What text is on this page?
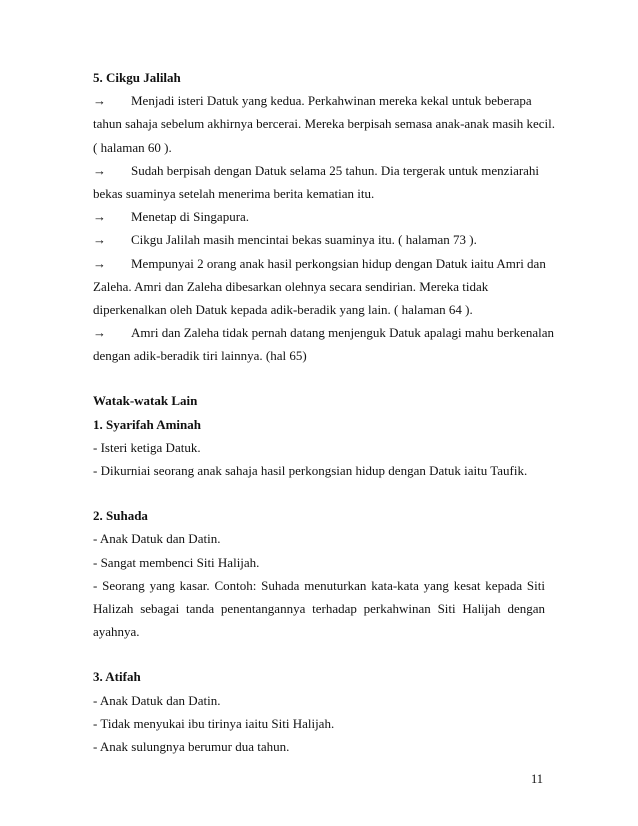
5. Cikgu Jalilah
→	Menjadi isteri Datuk yang kedua. Perkahwinan mereka kekal untuk beberapa
tahun sahaja sebelum akhirnya bercerai. Mereka berpisah semasa anak-anak masih kecil.
( halaman 60 ).
→	Sudah berpisah dengan Datuk selama 25 tahun. Dia tergerak untuk menziarahi
bekas suaminya setelah menerima berita kematian itu.
→	Menetap di Singapura.
→	Cikgu Jalilah masih mencintai bekas suaminya itu. ( halaman 73 ).
→	Mempunyai 2 orang anak hasil perkongsian hidup dengan Datuk iaitu Amri dan
Zaleha. Amri dan Zaleha dibesarkan olehnya secara sendirian. Mereka tidak
diperkenalkan oleh Datuk kepada adik-beradik yang lain. ( halaman 64 ).
→	Amri dan Zaleha tidak pernah datang menjenguk Datuk apalagi mahu berkenalan
dengan adik-beradik tiri lainnya. (hal 65)
Watak-watak Lain
1. Syarifah Aminah
- Isteri ketiga Datuk.
- Dikurniai seorang anak sahaja hasil perkongsian hidup dengan Datuk iaitu Taufik.
2. Suhada
- Anak Datuk dan Datin.
- Sangat membenci Siti Halijah.
- Seorang yang kasar. Contoh: Suhada menuturkan kata-kata yang kesat kepada Siti
Halizah sebagai tanda penentangannya terhadap perkahwinan Siti Halijah dengan
ayahnya.
3. Atifah
- Anak Datuk dan Datin.
- Tidak menyukai ibu tirinya iaitu Siti Halijah.
- Anak sulungnya berumur dua tahun.
11
